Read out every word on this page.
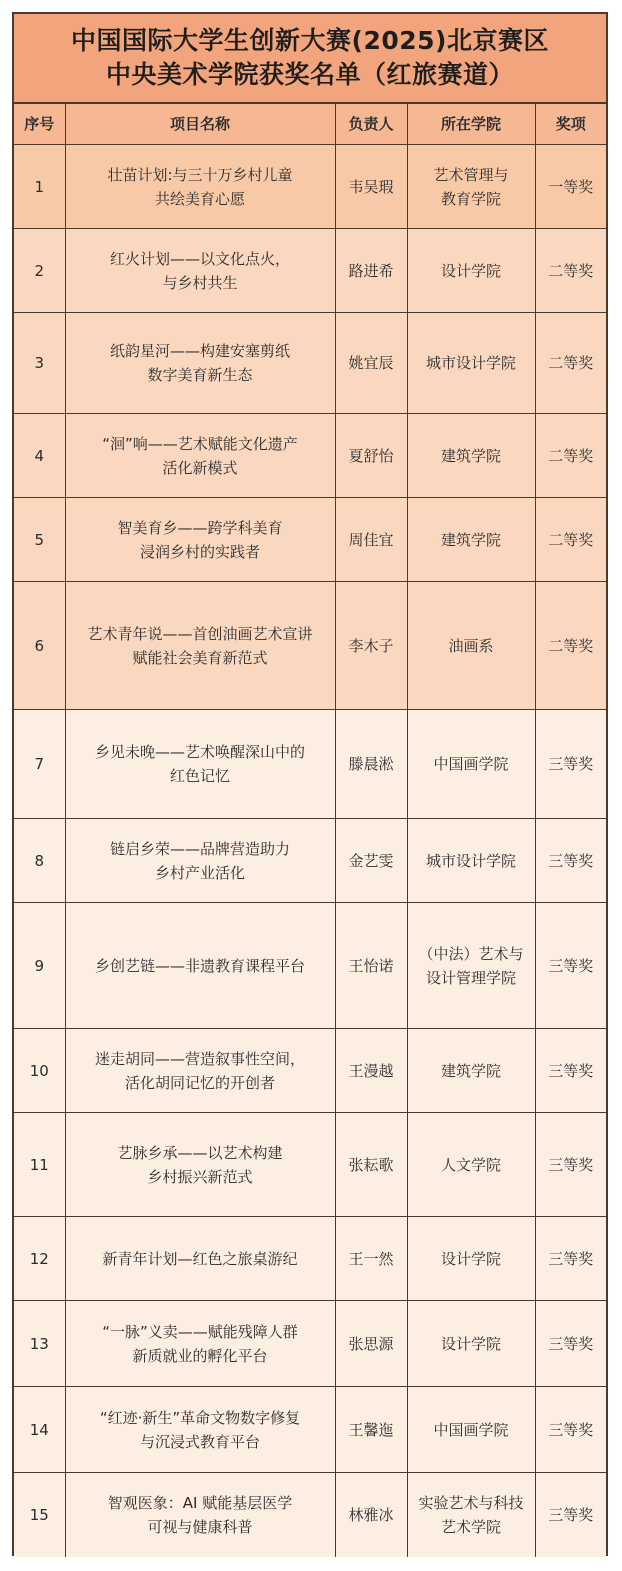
中国国际大学生创新大赛(2025)北京赛区
中央美术学院获奖名单（红旅赛道）
序号	项目名称	负责人	所在学院	奖项
1	壮苗计划:与三十万乡村儿童
共绘美育心愿	韦吴瑕	艺术管理与
教育学院	一等奖
2	红火计划——以文化点火，
与乡村共生	路进希	设计学院	二等奖
3	纸韵星河——构建安塞剪纸
数字美育新生态	姚宜辰	城市设计学院	二等奖
4	“洄”响——艺术赋能文化遗产
活化新模式	夏舒怡	建筑学院	二等奖
5	智美育乡——跨学科美育
浸润乡村的实践者	周佳宜	建筑学院	二等奖
6	艺术青年说——首创油画艺术宣讲
赋能社会美育新范式	李木子	油画系	二等奖
7	乡见未晚——艺术唤醒深山中的
红色记忆	滕晨淞	中国画学院	三等奖
8	链启乡荣——品牌营造助力
乡村产业活化	金艺雯	城市设计学院	三等奖
9	乡创艺链——非遗教育课程平台	王怡诺	（中法）艺术与
设计管理学院	三等奖
10	迷走胡同——营造叙事性空间，
活化胡同记忆的开创者	王漫越	建筑学院	三等奖
11	艺脉乡承——以艺术构建
乡村振兴新范式	张耘歌	人文学院	三等奖
12	新青年计划—红色之旅桌游纪	王一然	设计学院	三等奖
13	“一脉”义卖——赋能残障人群
新质就业的孵化平台	张思源	设计学院	三等奖
14	“红迹·新生”革命文物数字修复
与沉浸式教育平台	王馨迤	中国画学院	三等奖
15	智观医象：AI 赋能基层医学
可视与健康科普	林雅冰	实验艺术与科技
艺术学院	三等奖
